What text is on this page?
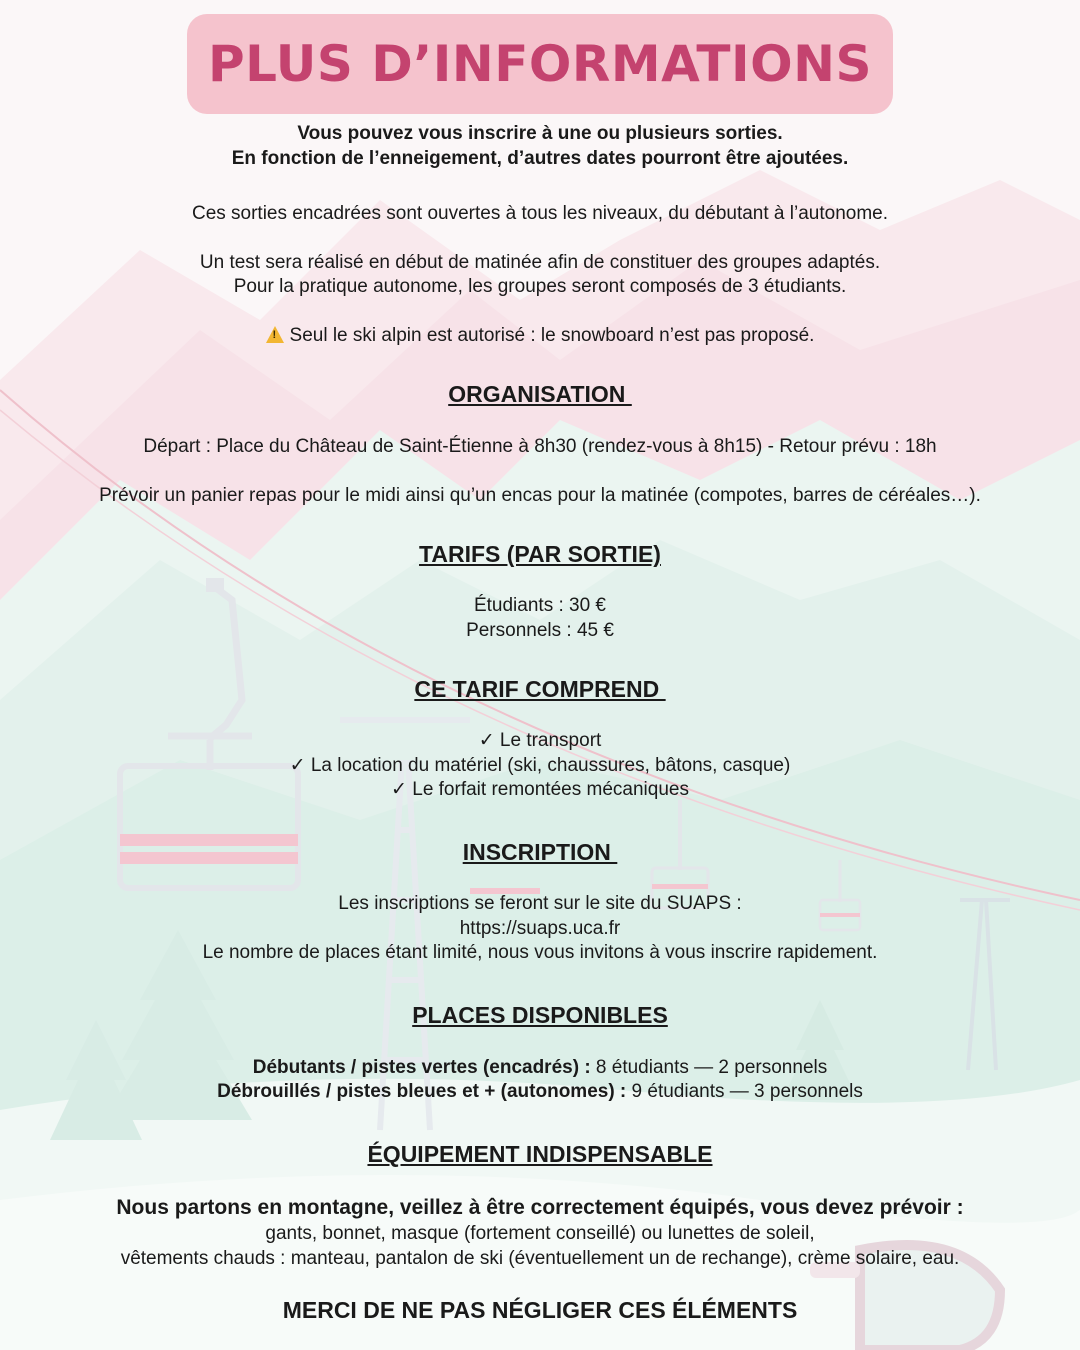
PLUS D’INFORMATIONS
Vous pouvez vous inscrire à une ou plusieurs sorties.
En fonction de l’enneigement, d’autres dates pourront être ajoutées.
Ces sorties encadrées sont ouvertes à tous les niveaux, du débutant à l’autonome.
Un test sera réalisé en début de matinée afin de constituer des groupes adaptés.
Pour la pratique autonome, les groupes seront composés de 3 étudiants.
!Seul le ski alpin est autorisé : le snowboard n’est pas proposé.
ORGANISATION
Départ : Place du Château de Saint-Étienne à 8h30 (rendez-vous à 8h15) - Retour prévu : 18h
Prévoir un panier repas pour le midi ainsi qu’un encas pour la matinée (compotes, barres de céréales…).
TARIFS (PAR SORTIE)
Étudiants : 30 €
Personnels : 45 €
CE TARIF COMPREND
✓ Le transport
✓ La location du matériel (ski, chaussures, bâtons, casque)
✓ Le forfait remontées mécaniques
INSCRIPTION
Les inscriptions se feront sur le site du SUAPS :
https://suaps.uca.fr
Le nombre de places étant limité, nous vous invitons à vous inscrire rapidement.
PLACES DISPONIBLES
Débutants / pistes vertes (encadrés) : 8 étudiants — 2 personnels
Débrouillés / pistes bleues et + (autonomes) : 9 étudiants — 3 personnels
ÉQUIPEMENT INDISPENSABLE
Nous partons en montagne, veillez à être correctement équipés, vous devez prévoir :
gants, bonnet, masque (fortement conseillé) ou lunettes de soleil,
vêtements chauds : manteau, pantalon de ski (éventuellement un de rechange), crème solaire, eau.
MERCI DE NE PAS NÉGLIGER CES ÉLÉMENTS
